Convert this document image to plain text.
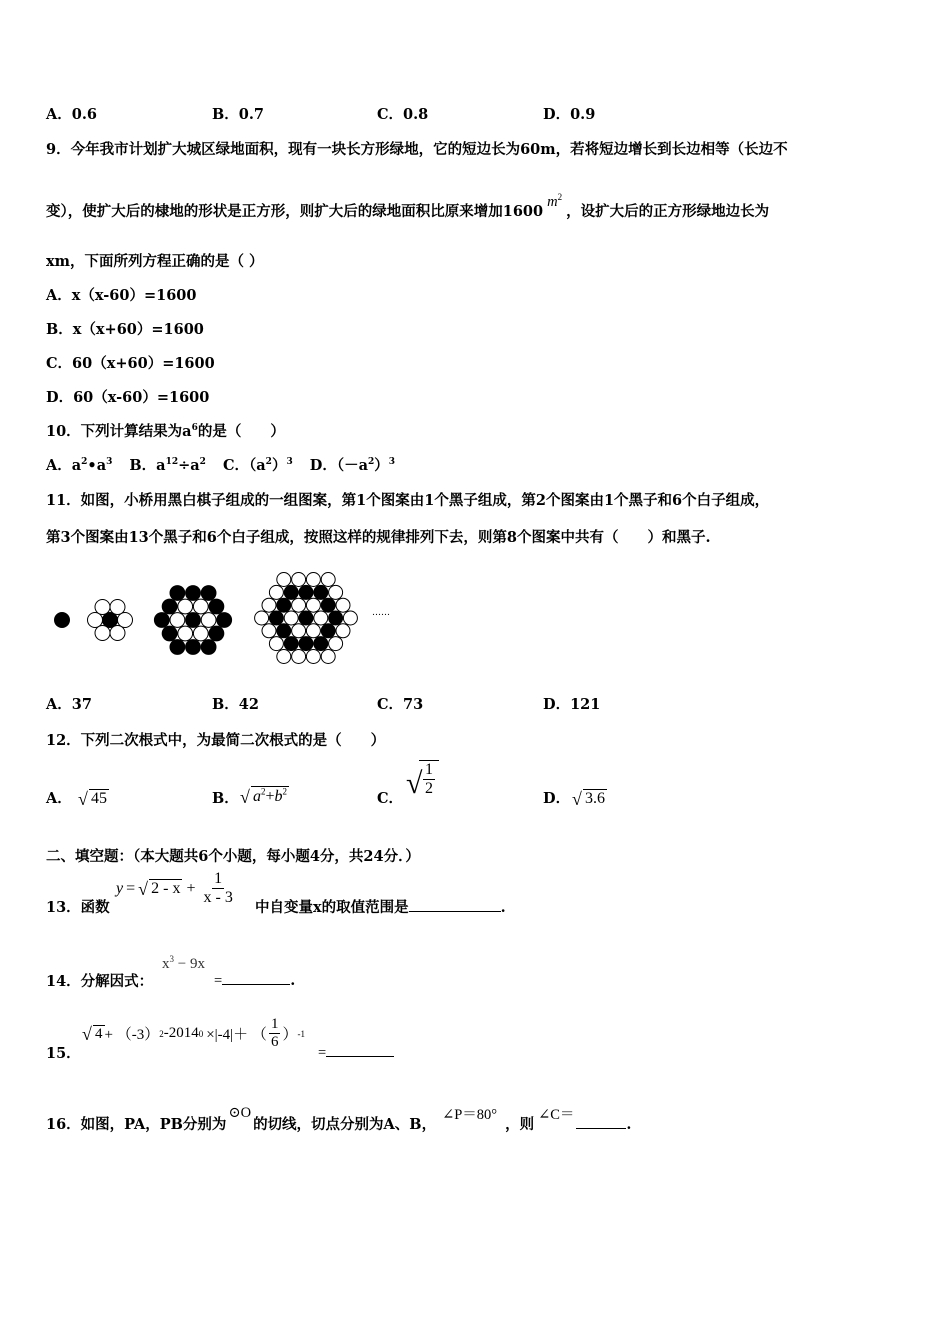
A．0.6	B．0.7	C．0.8	D．0.9
9．今年我市计划扩大城区绿地面积，现有一块长方形绿地，它的短边长为60m，若将短边增长到长边相等（长边不
变），使扩大后的棣地的形状是正方形，则扩大后的绿地面积比原来增加$1600m^2$，设扩大后的正方形绿地边长为
xm，下面所列方程正确的是（ ）
A．x（x-60）=1600
B．x（x+60）=1600
C．60（x+60）=1600
D．60（x-60）=1600
10．下列计算结果为$a^6$的是（　　）
A．$a^2•a^3$ B．$a^{12}\div a^2$ C．$(a^2)^3$ D．$(-a^2)^3$
11．如图，小桥用黑白棋子组成的一组图案，第1个图案由1个黑子组成，第2个图案由1个黑子和6个白子组成，
第3个图案由13个黑子和6个白子组成，按照这样的规律排列下去，则第8个图案中共有（　　）和黑子.
……
A．37	B．42	C．73	D．121
12．下列二次根式中，为最简二次根式的是（　　）
A． √ 45	B． √ $a^2+b^2$	C． √ $\frac{1}{2}$	D． √ 3.6
二、填空题：（本大题共6个小题，每小题4分，共24分．）
13．函数
y = √ $2 - x + \frac{1}{x - 3}$ 中自变量x的取值范围是	.
14．分解因式：
$x^3 - 9x$
=	.
15．
√ 4 + （-3） 2 -2014 0 ×|-4|＋ （ $\frac{1}{6}$ ） -1
=
16．如图，PA，PB分别为⊙O的切线，切点分别为A、B，∠P＝80°，则∠C＝.
